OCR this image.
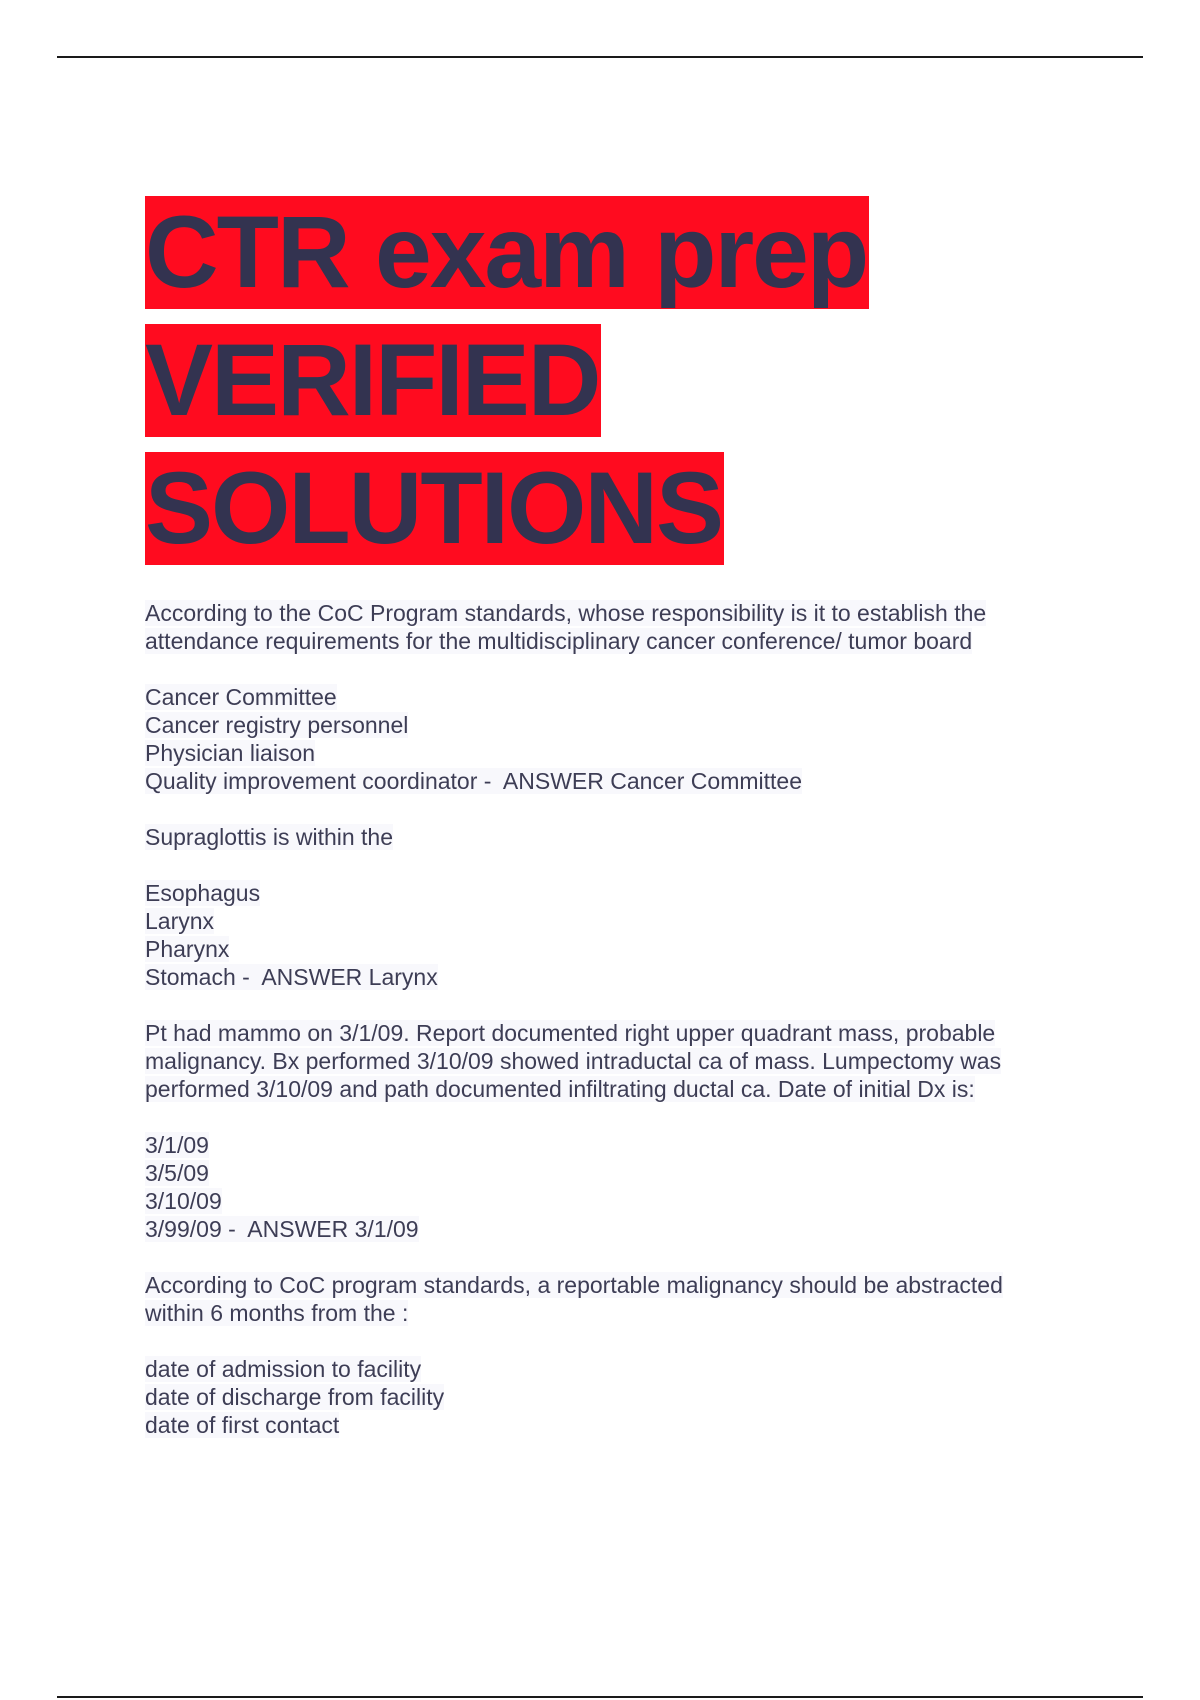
CTR exam prep
VERIFIED
SOLUTIONS
According to the CoC Program standards, whose responsibility is it to establish the
attendance requirements for the multidisciplinary cancer conference/ tumor board
Cancer Committee
Cancer registry personnel
Physician liaison
Quality improvement coordinator -  ANSWER Cancer Committee
Supraglottis is within the
Esophagus
Larynx
Pharynx
Stomach -  ANSWER Larynx
Pt had mammo on 3/1/09. Report documented right upper quadrant mass, probable
malignancy. Bx performed 3/10/09 showed intraductal ca of mass. Lumpectomy was
performed 3/10/09 and path documented infiltrating ductal ca. Date of initial Dx is:
3/1/09
3/5/09
3/10/09
3/99/09 -  ANSWER 3/1/09
According to CoC program standards, a reportable malignancy should be abstracted
within 6 months from the :
date of admission to facility
date of discharge from facility
date of first contact
